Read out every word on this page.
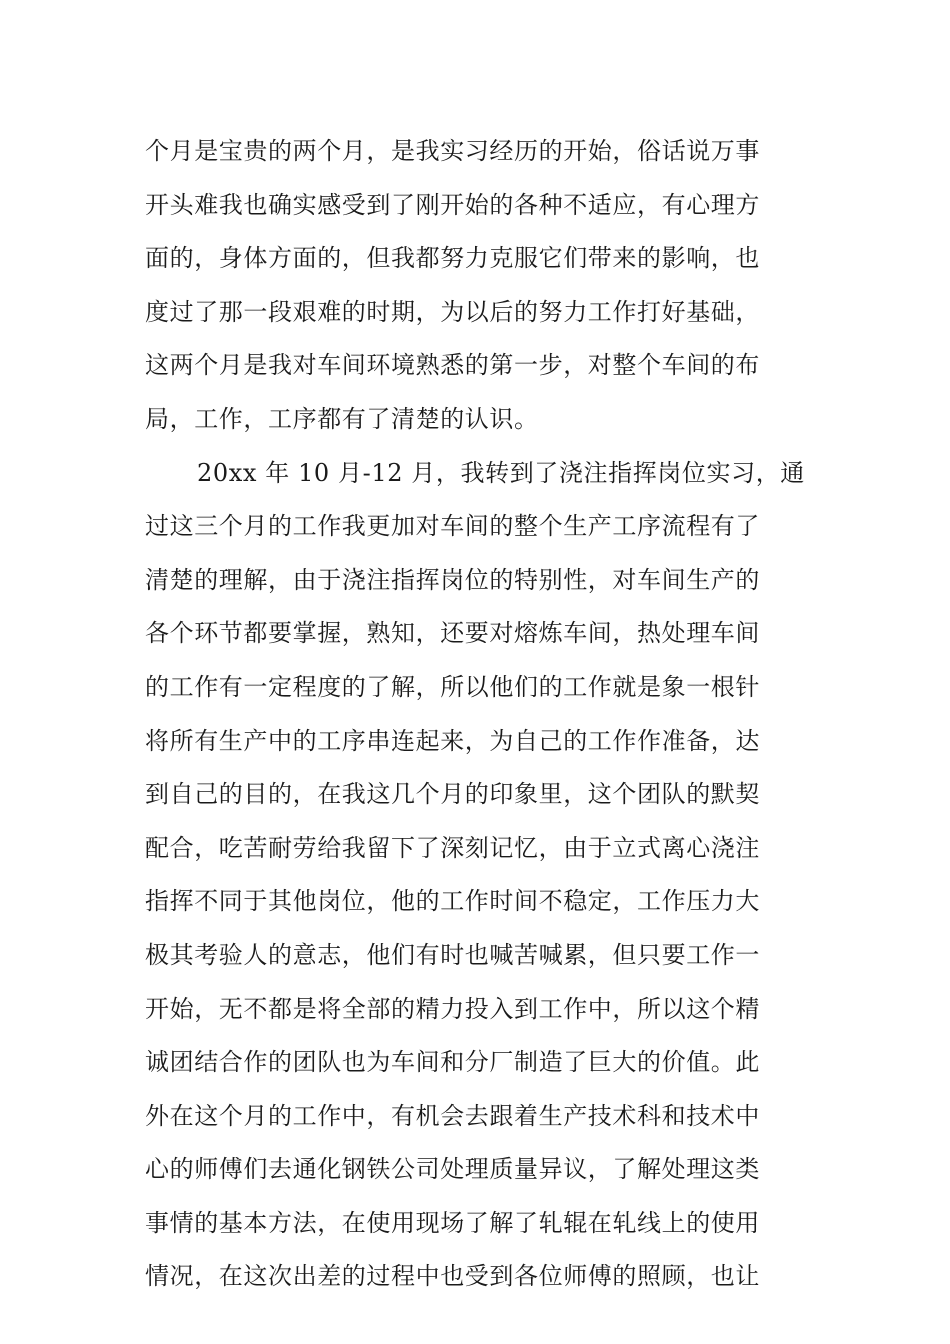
个月是宝贵的两个月，是我实习经历的开始，俗话说万事
开头难我也确实感受到了刚开始的各种不适应，有心理方
面的，身体方面的，但我都努力克服它们带来的影响，也
度过了那一段艰难的时期，为以后的努力工作打好基础，
这两个月是我对车间环境熟悉的第一步，对整个车间的布
局，工作，工序都有了清楚的认识。
20xx 年 10 月-12 月，我转到了浇注指挥岗位实习，通
过这三个月的工作我更加对车间的整个生产工序流程有了
清楚的理解，由于浇注指挥岗位的特别性，对车间生产的
各个环节都要掌握，熟知，还要对熔炼车间，热处理车间
的工作有一定程度的了解，所以他们的工作就是象一根针
将所有生产中的工序串连起来，为自己的工作作准备，达
到自己的目的，在我这几个月的印象里，这个团队的默契
配合，吃苦耐劳给我留下了深刻记忆，由于立式离心浇注
指挥不同于其他岗位，他的工作时间不稳定，工作压力大
极其考验人的意志，他们有时也喊苦喊累，但只要工作一
开始，无不都是将全部的精力投入到工作中，所以这个精
诚团结合作的团队也为车间和分厂制造了巨大的价值。此
外在这个月的工作中，有机会去跟着生产技术科和技术中
心的师傅们去通化钢铁公司处理质量异议，了解处理这类
事情的基本方法，在使用现场了解了轧辊在轧线上的使用
情况，在这次出差的过程中也受到各位师傅的照顾，也让
